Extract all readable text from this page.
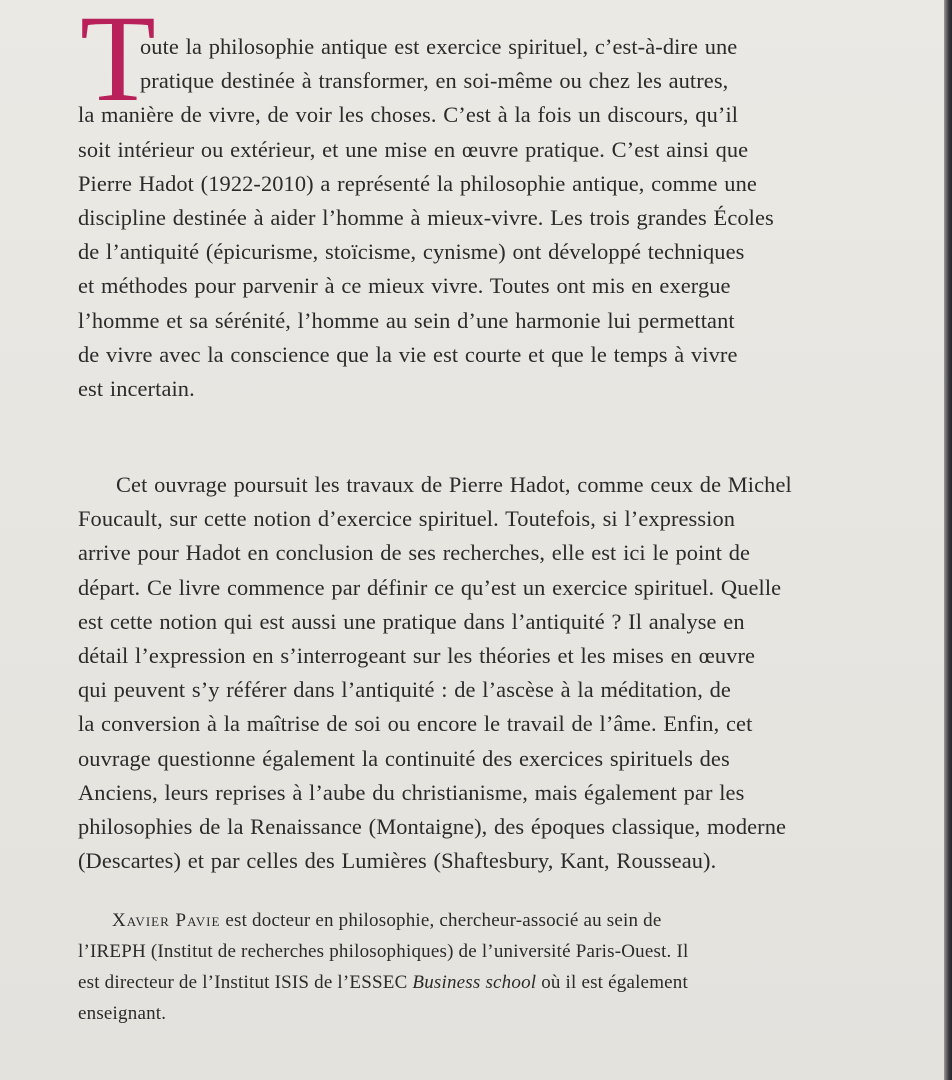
T
oute la philosophie antique est exercice spirituel, c’est-à-dire une
pratique destinée à transformer, en soi-même ou chez les autres,
la manière de vivre, de voir les choses. C’est à la fois un discours, qu’il
soit intérieur ou extérieur, et une mise en œuvre pratique. C’est ainsi que
Pierre Hadot (1922-2010) a représenté la philosophie antique, comme une
discipline destinée à aider l’homme à mieux-vivre. Les trois grandes Écoles
de l’antiquité (épicurisme, stoïcisme, cynisme) ont développé techniques
et méthodes pour parvenir à ce mieux vivre. Toutes ont mis en exergue
l’homme et sa sérénité, l’homme au sein d’une harmonie lui permettant
de vivre avec la conscience que la vie est courte et que le temps à vivre
est incertain.
Cet ouvrage poursuit les travaux de Pierre Hadot, comme ceux de Michel
Foucault, sur cette notion d’exercice spirituel. Toutefois, si l’expression
arrive pour Hadot en conclusion de ses recherches, elle est ici le point de
départ. Ce livre commence par définir ce qu’est un exercice spirituel. Quelle
est cette notion qui est aussi une pratique dans l’antiquité ? Il analyse en
détail l’expression en s’interrogeant sur les théories et les mises en œuvre
qui peuvent s’y référer dans l’antiquité : de l’ascèse à la méditation, de
la conversion à la maîtrise de soi ou encore le travail de l’âme. Enfin, cet
ouvrage questionne également la continuité des exercices spirituels des
Anciens, leurs reprises à l’aube du christianisme, mais également par les
philosophies de la Renaissance (Montaigne), des époques classique, moderne
(Descartes) et par celles des Lumières (Shaftesbury, Kant, Rousseau).
Xavier Pavie est docteur en philosophie, chercheur-associé au sein de
l’IREPH (Institut de recherches philosophiques) de l’université Paris-Ouest. Il
est directeur de l’Institut ISIS de l’ESSEC Business school où il est également
enseignant.
